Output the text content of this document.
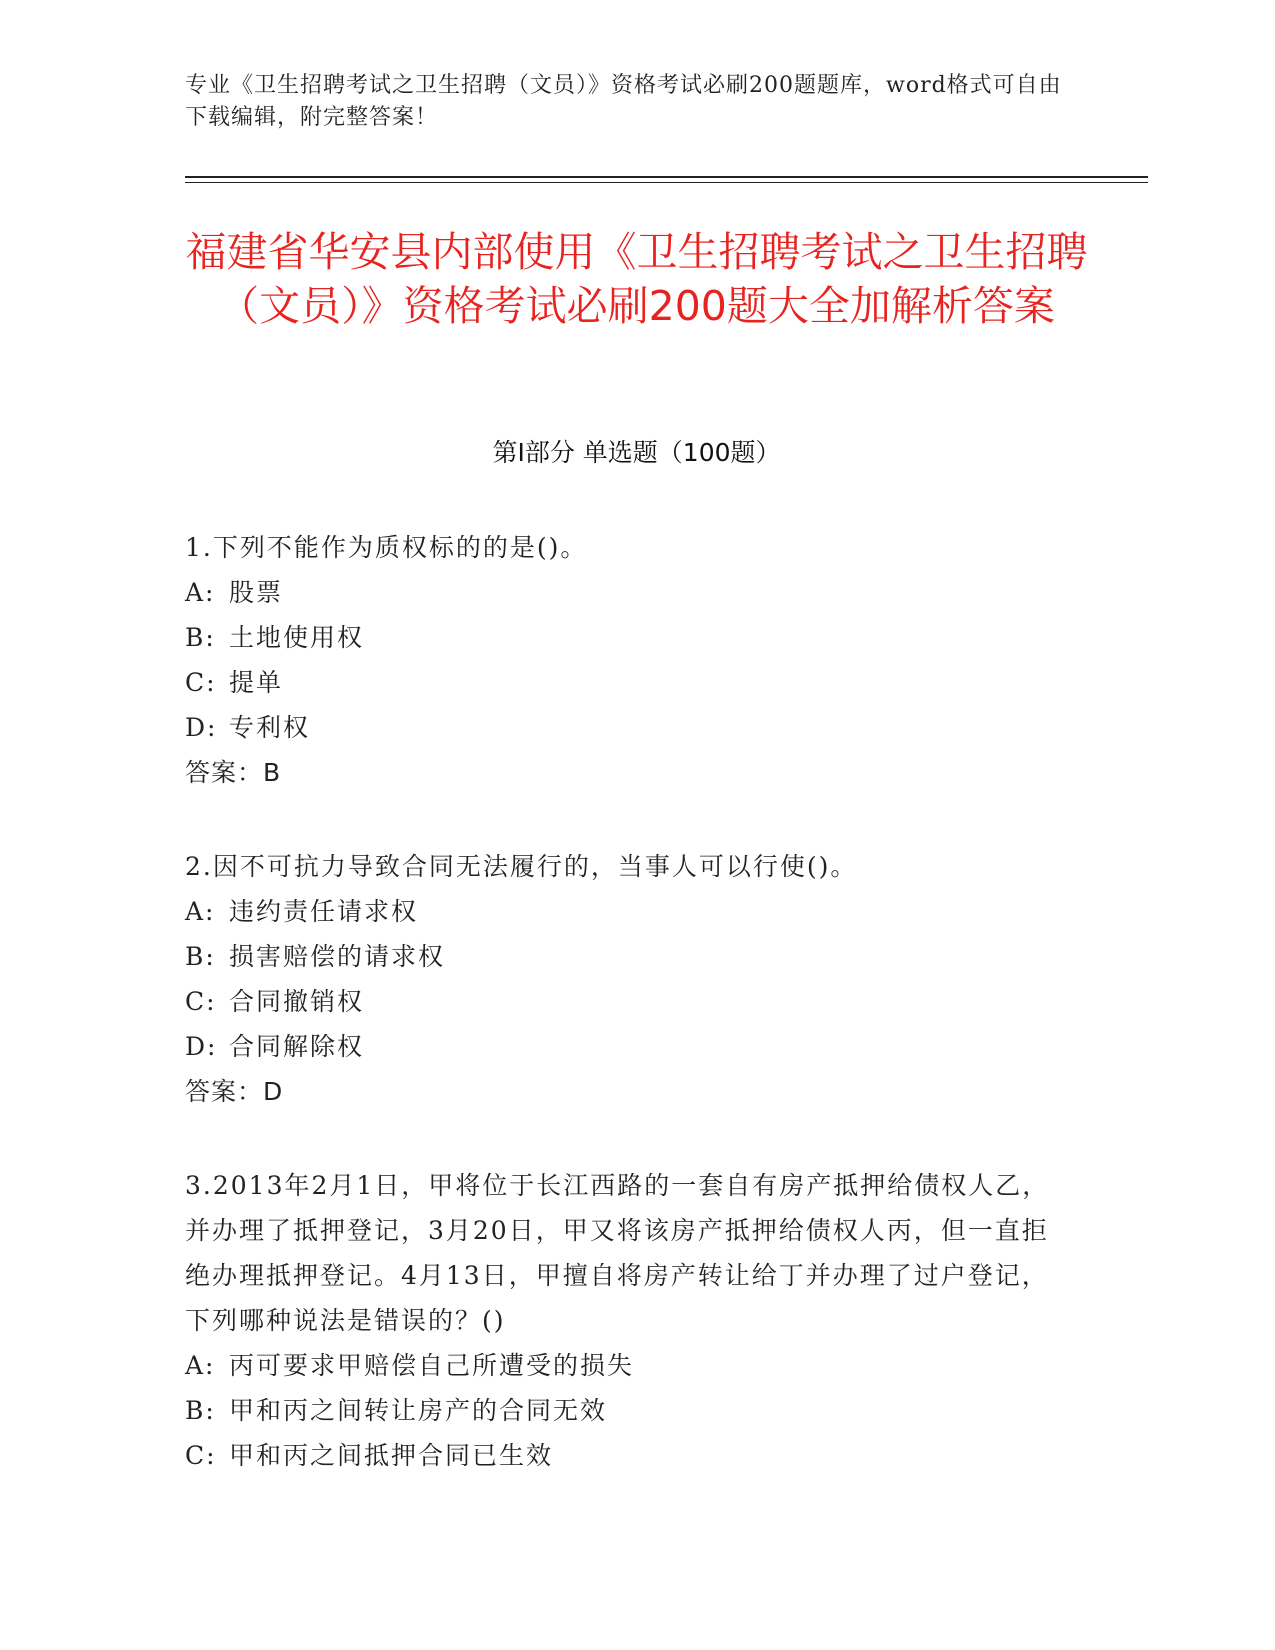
专业《卫生招聘考试之卫生招聘（文员）》资格考试必刷200题题库，word格式可自由下载编辑，附完整答案！
福建省华安县内部使用《卫生招聘考试之卫生招聘（文员）》资格考试必刷200题大全加解析答案
第I部分 单选题（100题）
1.下列不能作为质权标的的是()。
A: 股票
B: 土地使用权
C: 提单
D: 专利权
答案：B
2.因不可抗力导致合同无法履行的，当事人可以行使()。
A: 违约责任请求权
B: 损害赔偿的请求权
C: 合同撤销权
D: 合同解除权
答案：D
3.2013年2月1日，甲将位于长江西路的一套自有房产抵押给债权人乙，并办理了抵押登记，3月20日，甲又将该房产抵押给债权人丙，但一直拒绝办理抵押登记。4月13日，甲擅自将房产转让给丁并办理了过户登记，下列哪种说法是错误的？()
A: 丙可要求甲赔偿自己所遭受的损失
B: 甲和丙之间转让房产的合同无效
C: 甲和丙之间抵押合同已生效
